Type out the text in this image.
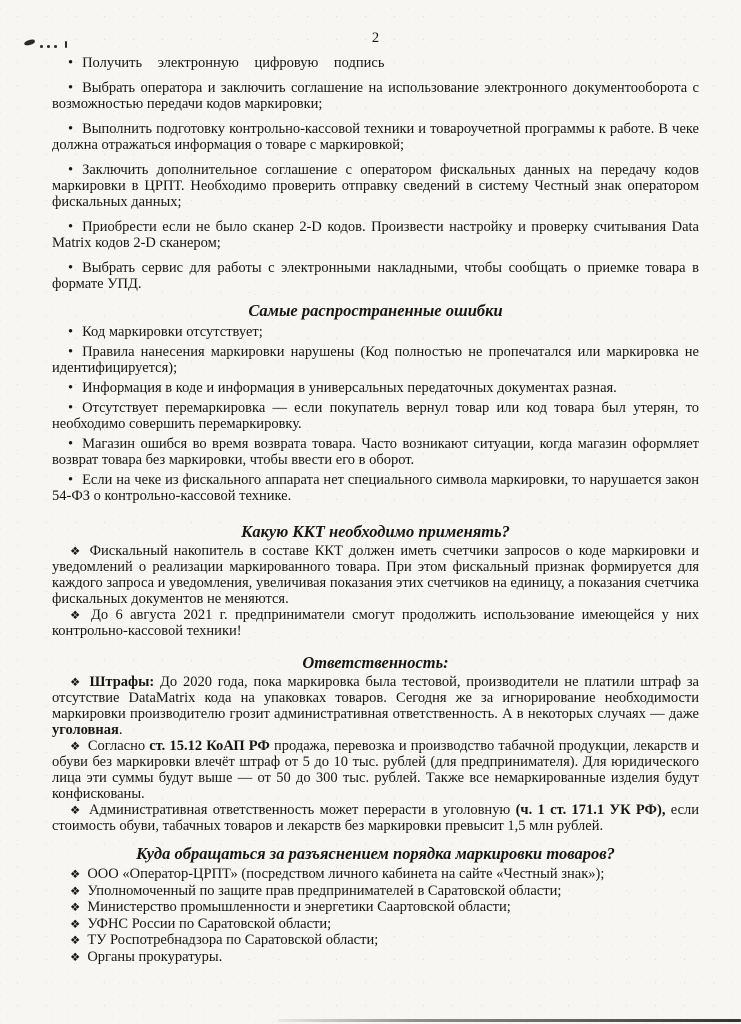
2

• Получить электронную цифровую подпись

• Выбрать оператора и заключить соглашение на использование электронного документооборота с возможностью передачи кодов маркировки;

• Выполнить подготовку контрольно-кассовой техники и товароучетной программы к работе. В чеке должна отражаться информация о товаре с маркировкой;

• Заключить дополнительное соглашение с оператором фискальных данных на передачу кодов маркировки в ЦРПТ. Необходимо проверить отправку сведений в систему Честный знак оператором фискальных данных;

• Приобрести если не было сканер 2-D кодов. Произвести настройку и проверку считывания Data Matrix кодов 2-D сканером;

• Выбрать сервис для работы с электронными накладными, чтобы сообщать о приемке товара в формате УПД.

Самые распространенные ошибки

• Код маркировки отсутствует;

• Правила нанесения маркировки нарушены (Код полностью не пропечатался или маркировка не идентифицируется);

• Информация в коде и информация в универсальных передаточных документах разная.

• Отсутствует перемаркировка — если покупатель вернул товар или код товара был утерян, то необходимо совершить перемаркировку.

• Магазин ошибся во время возврата товара. Часто возникают ситуации, когда магазин оформляет возврат товара без маркировки, чтобы ввести его в оборот.

• Если на чеке из фискального аппарата нет специального символа маркировки, то нарушается закон 54-ФЗ о контрольно-кассовой технике.

Какую ККТ необходимо применять?

❖ Фискальный накопитель в составе ККТ должен иметь счетчики запросов о коде маркировки и уведомлений о реализации маркированного товара. При этом фискальный признак формируется для каждого запроса и уведомления, увеличивая показания этих счетчиков на единицу, а показания счетчика фискальных документов не меняются.

❖ До 6 августа 2021 г. предприниматели смогут продолжить использование имеющейся у них контрольно-кассовой техники!

Ответственность:

❖ Штрафы: До 2020 года, пока маркировка была тестовой, производители не платили штраф за отсутствие DataMatrix кода на упаковках товаров. Сегодня же за игнорирование необходимости маркировки производителю грозит административная ответственность. А в некоторых случаях — даже уголовная.

❖ Согласно ст. 15.12 КоАП РФ продажа, перевозка и производство табачной продукции, лекарств и обуви без маркировки влечёт штраф от 5 до 10 тыс. рублей (для предпринимателя). Для юридического лица эти суммы будут выше — от 50 до 300 тыс. рублей. Также все немаркированные изделия будут конфискованы.

❖ Административная ответственность может перерасти в уголовную (ч. 1 ст. 171.1 УК РФ), если стоимость обуви, табачных товаров и лекарств без маркировки превысит 1,5 млн рублей.

Куда обращаться за разъяснением порядка маркировки товаров?

❖ ООО «Оператор-ЦРПТ» (посредством личного кабинета на сайте «Честный знак»);

❖ Уполномоченный по защите прав предпринимателей в Саратовской области;

❖ Министерство промышленности и энергетики Саартовской области;

❖ УФНС России по Саратовской области;

❖ ТУ Роспотребнадзора по Саратовской области;

❖ Органы прокуратуры.
